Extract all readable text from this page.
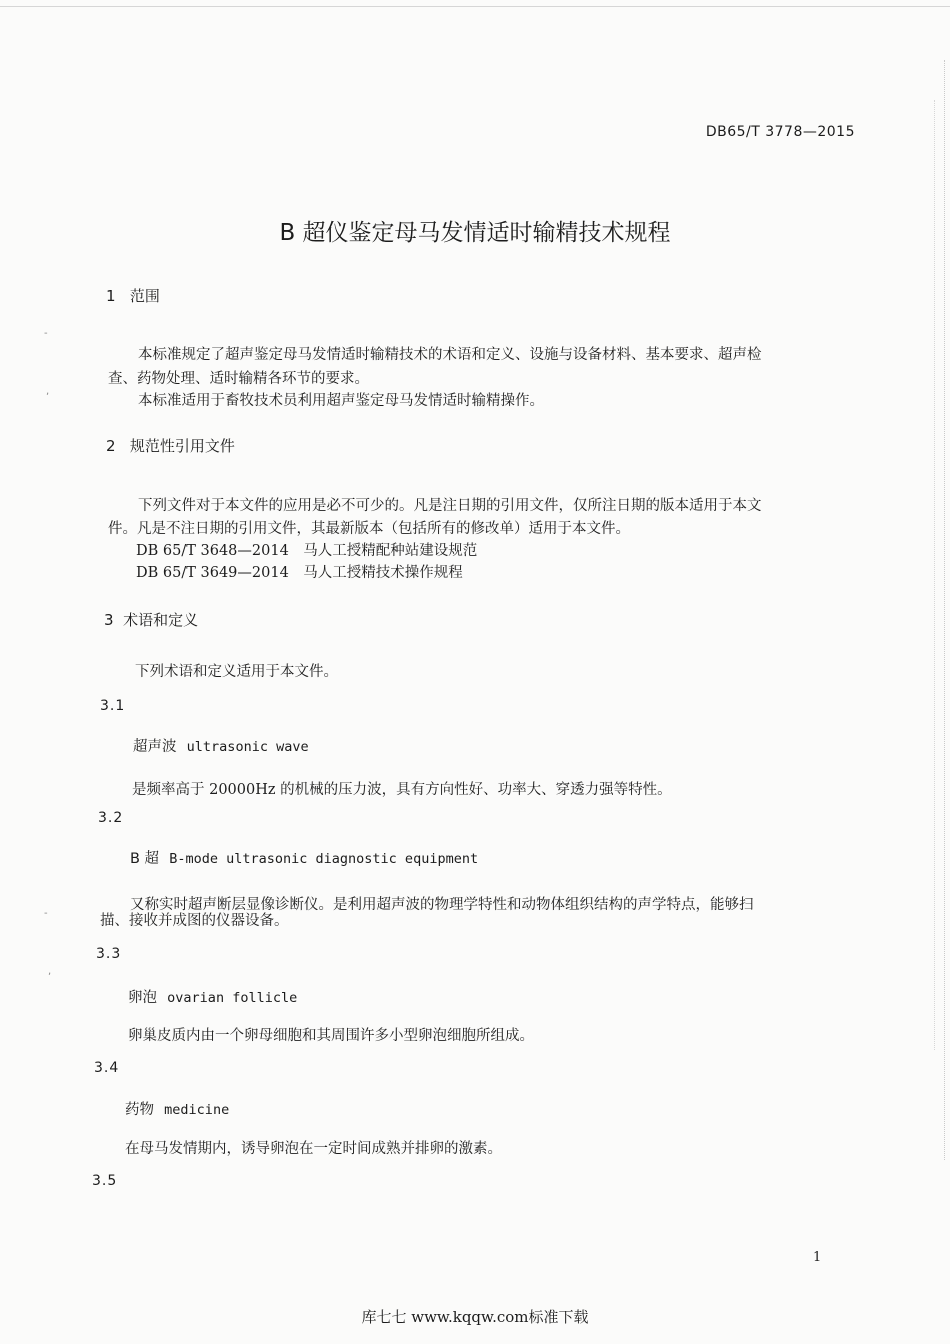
-
,
-
,
DB65/T 3778—2015
B 超仪鉴定母马发情适时输精技术规程
1 范围
本标准规定了超声鉴定母马发情适时输精技术的术语和定义、设施与设备材料、基本要求、超声检
查、药物处理、适时输精各环节的要求。
本标准适用于畜牧技术员利用超声鉴定母马发情适时输精操作。
2 规范性引用文件
下列文件对于本文件的应用是必不可少的。凡是注日期的引用文件，仅所注日期的版本适用于本文
件。凡是不注日期的引用文件，其最新版本（包括所有的修改单）适用于本文件。
DB 65/T 3648—2014　马人工授精配种站建设规范
DB 65/T 3649—2014　马人工授精技术操作规程
3 术语和定义
下列术语和定义适用于本文件。
3.1
超声波 ultrasonic wave
是频率高于 20000Hz 的机械的压力波，具有方向性好、功率大、穿透力强等特性。
3.2
B 超 B-mode ultrasonic diagnostic equipment
又称实时超声断层显像诊断仪。是利用超声波的物理学特性和动物体组织结构的声学特点，能够扫
描、接收并成图的仪器设备。
3.3
卵泡 ovarian follicle
卵巢皮质内由一个卵母细胞和其周围许多小型卵泡细胞所组成。
3.4
药物 medicine
在母马发情期内，诱导卵泡在一定时间成熟并排卵的激素。
3.5
1
库七七 www.kqqw.com标准下载
